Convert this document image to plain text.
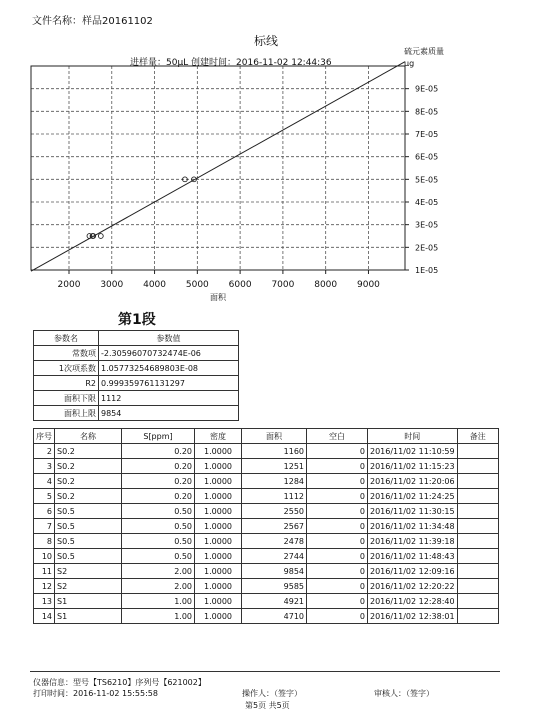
文件名称：样品20161102
2000 3000 4000 5000 6000 7000 8000 9000
1E-05
2E-05
3E-05
4E-05
5E-05
6E-05
7E-05
8E-05
9E-05
标线
进样量：50μL 创建时间：2016-11-02 12:44:36
硫元素质量
μg
面积
第1段
参数名	参数值
常数项	-2.30596070732474E-06
1次项系数	1.05773254689803E-08
R2	0.999359761131297
面积下限	1112
面积上限	9854
序号	名称	S[ppm]	密度	面积	空白	时间	备注
2	S0.2	0.20	1.0000	1160	0	2016/11/02 11:10:59	
3	S0.2	0.20	1.0000	1251	0	2016/11/02 11:15:23	
4	S0.2	0.20	1.0000	1284	0	2016/11/02 11:20:06	
5	S0.2	0.20	1.0000	1112	0	2016/11/02 11:24:25	
6	S0.5	0.50	1.0000	2550	0	2016/11/02 11:30:15	
7	S0.5	0.50	1.0000	2567	0	2016/11/02 11:34:48	
8	S0.5	0.50	1.0000	2478	0	2016/11/02 11:39:18	
10	S0.5	0.50	1.0000	2744	0	2016/11/02 11:48:43	
11	S2	2.00	1.0000	9854	0	2016/11/02 12:09:16	
12	S2	2.00	1.0000	9585	0	2016/11/02 12:20:22	
13	S1	1.00	1.0000	4921	0	2016/11/02 12:28:40	
14	S1	1.00	1.0000	4710	0	2016/11/02 12:38:01	
仪器信息：型号【TS6210】序列号【621002】
打印时间：2016-11-02 15:55:58	操作人：（签字）	审核人：（签字）
第5页 共5页
